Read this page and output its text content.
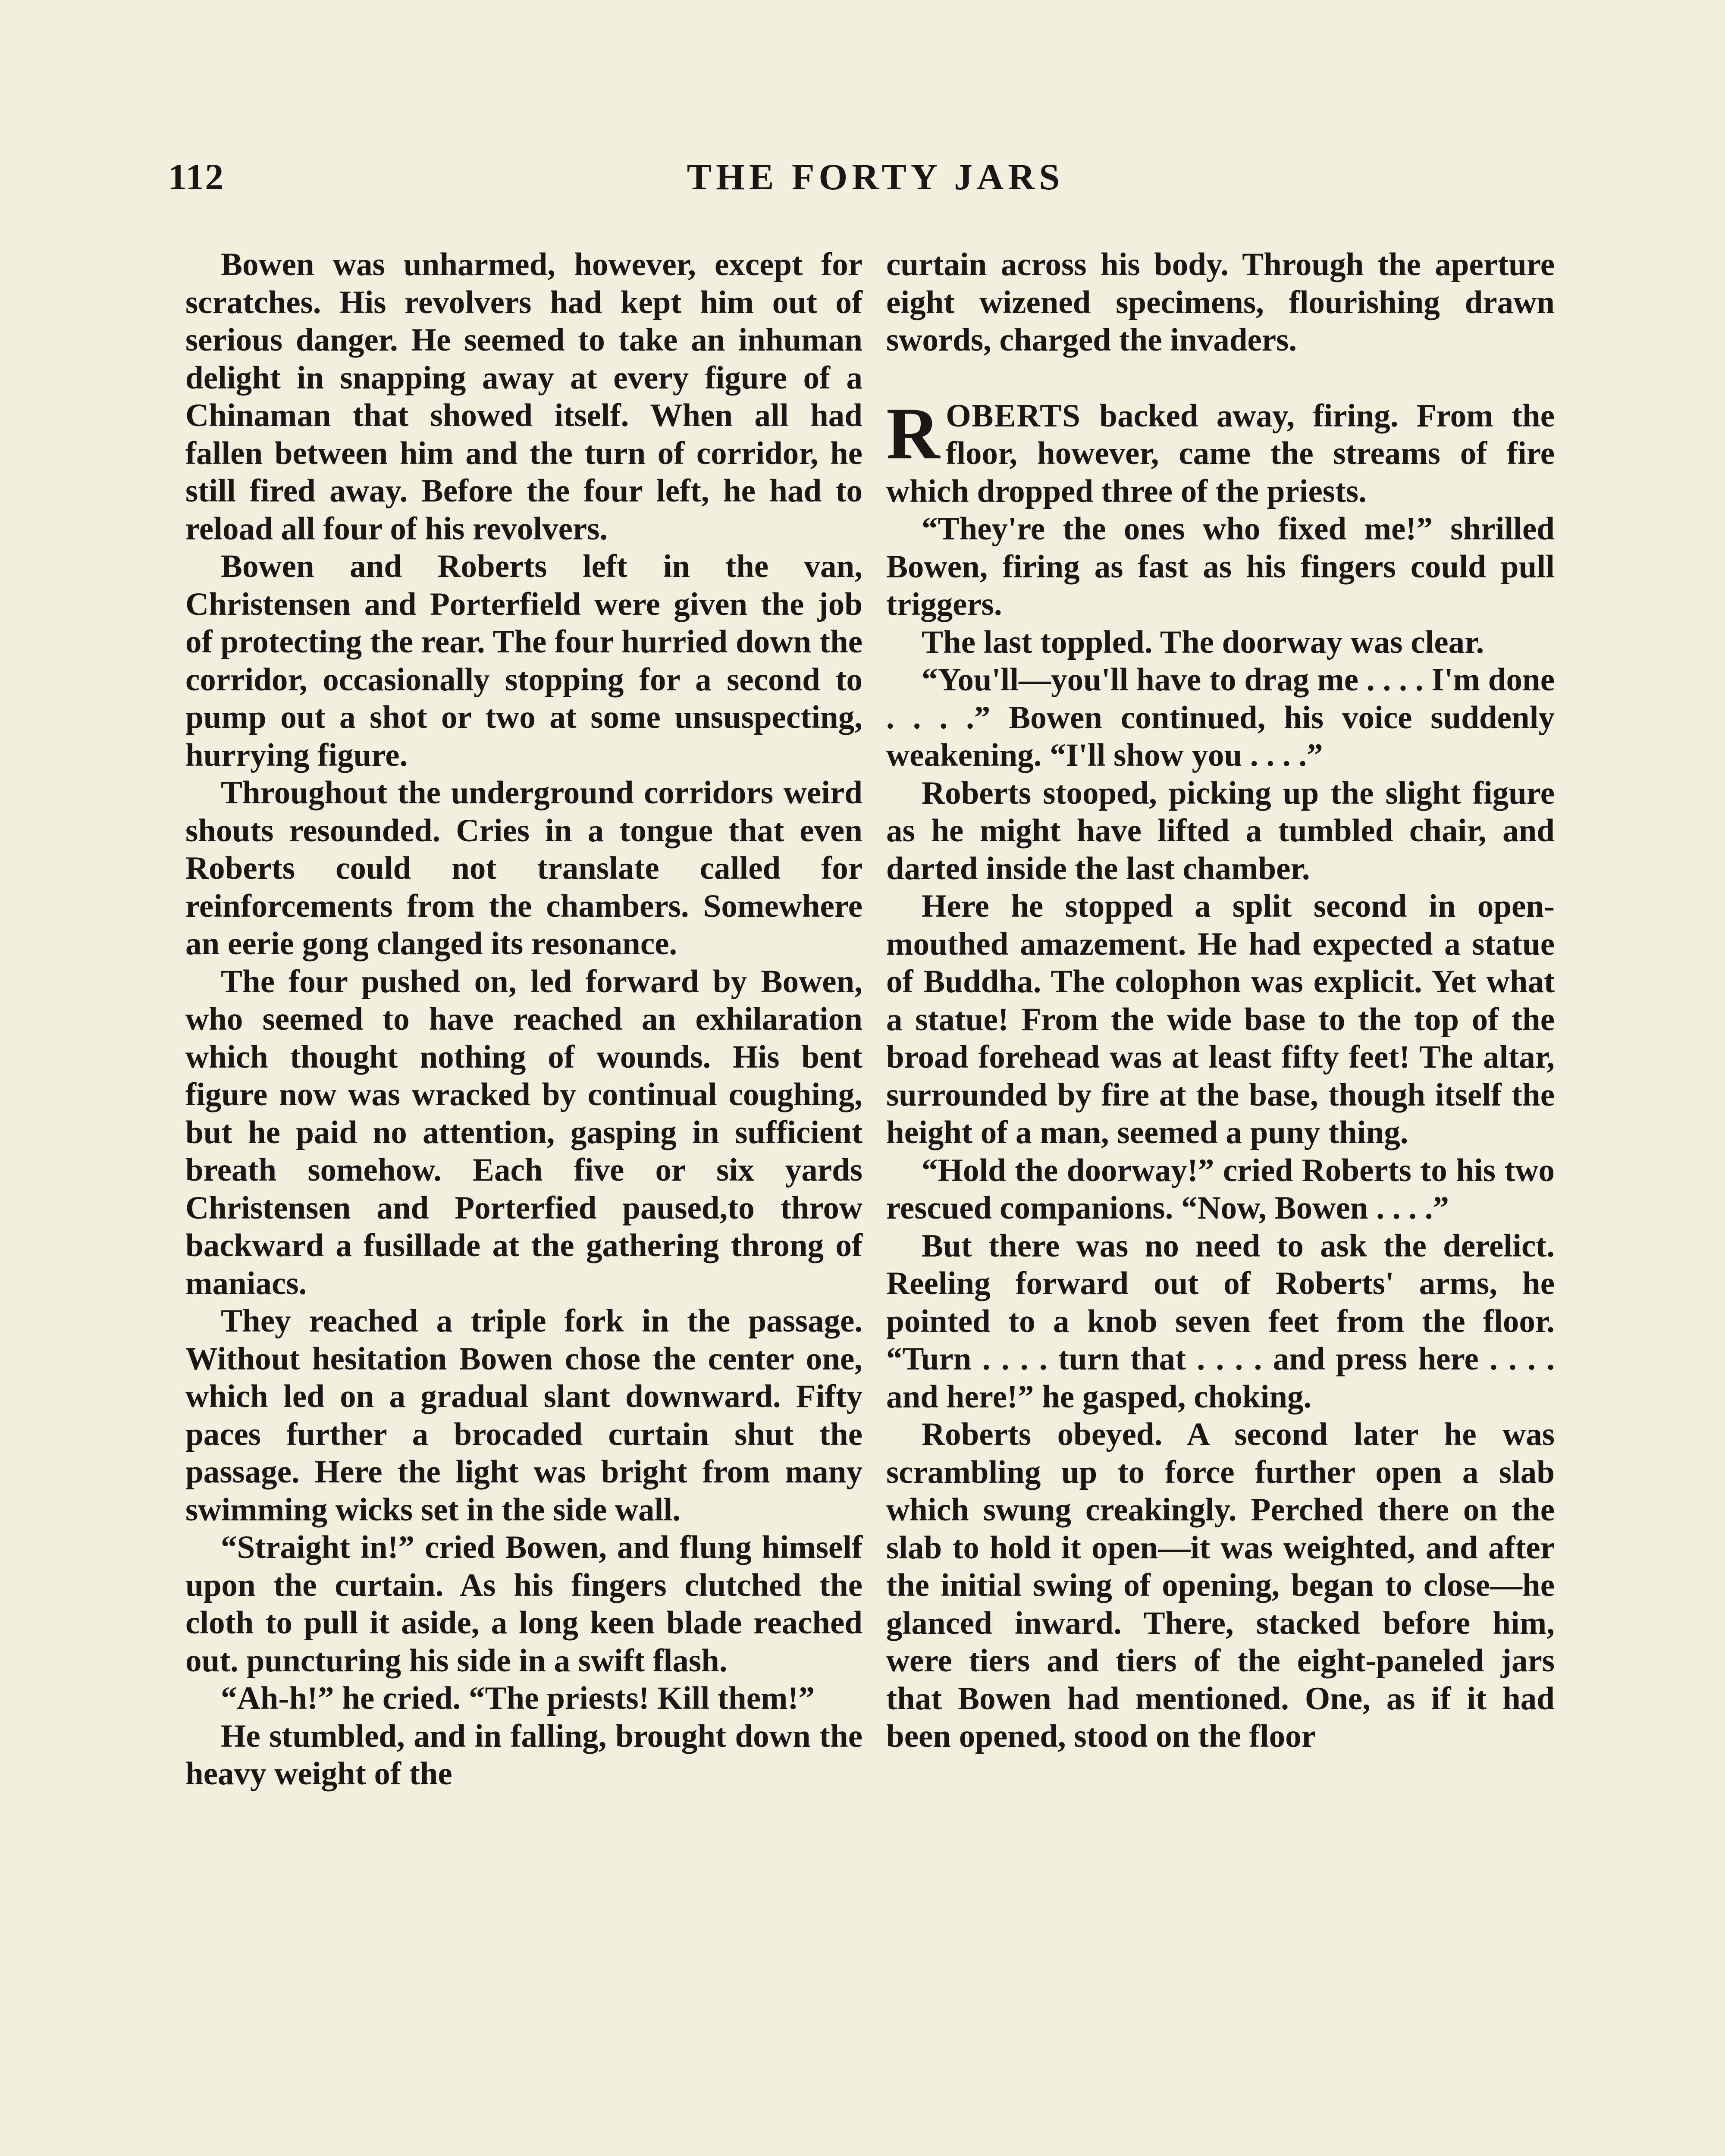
112	THE FORTY JARS

Bowen was unharmed, however, except for scratches. His revolvers had kept him out of serious danger. He seemed to take an inhuman delight in snapping away at every figure of a Chinaman that showed itself. When all had fallen between him and the turn of corridor, he still fired away. Before the four left, he had to reload all four of his revolvers.

Bowen and Roberts left in the van, Christensen and Porterfield were given the job of protecting the rear. The four hurried down the corridor, occasionally stopping for a second to pump out a shot or two at some unsuspecting, hurrying figure.

Throughout the underground corridors weird shouts resounded. Cries in a tongue that even Roberts could not translate called for reinforcements from the chambers. Somewhere an eerie gong clanged its resonance.

The four pushed on, led forward by Bowen, who seemed to have reached an exhilaration which thought nothing of wounds. His bent figure now was wracked by continual coughing, but he paid no attention, gasping in sufficient breath somehow. Each five or six yards Christensen and Porterfied paused,to throw backward a fusillade at the gathering throng of maniacs.

They reached a triple fork in the passage. Without hesitation Bowen chose the center one, which led on a gradual slant downward. Fifty paces further a brocaded curtain shut the passage. Here the light was bright from many swimming wicks set in the side wall.

“Straight in!” cried Bowen, and flung himself upon the curtain. As his fingers clutched the cloth to pull it aside, a long keen blade reached out. puncturing his side in a swift flash.

“Ah-h!” he cried. “The priests! Kill them!”

He stumbled, and in falling, brought down the heavy weight of the

curtain across his body. Through the aperture eight wizened specimens, flourishing drawn swords, charged the invaders.

ROBERTS backed away, firing. From the floor, however, came the streams of fire which dropped three of the priests.

“They're the ones who fixed me!” shrilled Bowen, firing as fast as his fingers could pull triggers.

The last toppled. The doorway was clear.

“You'll—you'll have to drag me . . . . I'm done . . . .” Bowen continued, his voice suddenly weakening. “I'll show you . . . .”

Roberts stooped, picking up the slight figure as he might have lifted a tumbled chair, and darted inside the last chamber.

Here he stopped a split second in open-mouthed amazement. He had expected a statue of Buddha. The colophon was explicit. Yet what a statue! From the wide base to the top of the broad forehead was at least fifty feet! The altar, surrounded by fire at the base, though itself the height of a man, seemed a puny thing.

“Hold the doorway!” cried Roberts to his two rescued companions. “Now, Bowen . . . .”

But there was no need to ask the derelict. Reeling forward out of Roberts' arms, he pointed to a knob seven feet from the floor. “Turn . . . . turn that . . . . and press here . . . . and here!” he gasped, choking.

Roberts obeyed. A second later he was scrambling up to force further open a slab which swung creakingly. Perched there on the slab to hold it open—it was weighted, and after the initial swing of opening, began to close—he glanced inward. There, stacked before him, were tiers and tiers of the eight-paneled jars that Bowen had mentioned. One, as if it had been opened, stood on the floor
